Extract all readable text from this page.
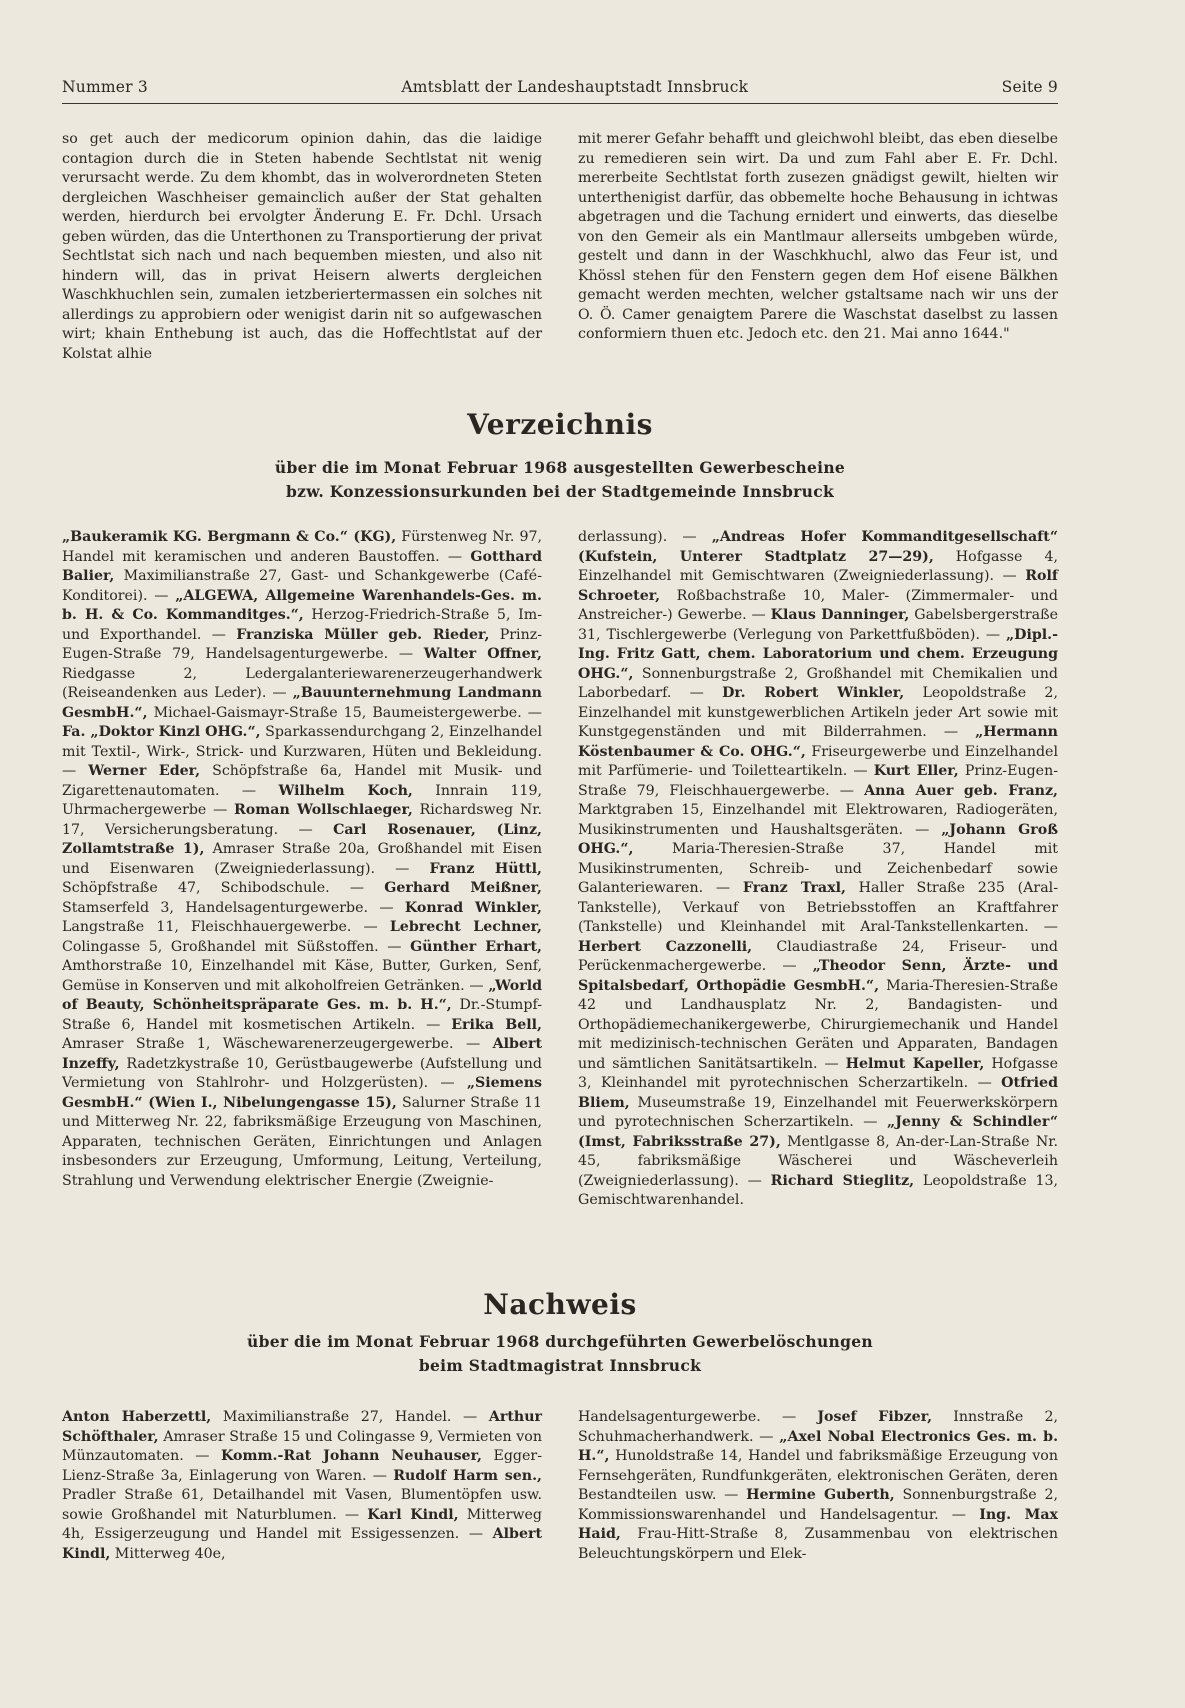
Nummer 3	Amtsblatt der Landeshauptstadt Innsbruck	Seite 9

so get auch der medicorum opinion dahin, das die laidige contagion durch die in Steten habende Sechtlstat nit wenig verursacht werde. Zu dem khombt, das in wolverordneten Steten dergleichen Waschheiser gemainclich außer der Stat gehalten werden, hierdurch bei ervolgter Änderung E. Fr. Dchl. Ursach geben würden, das die Unterthonen zu Transportierung der privat Sechtlstat sich nach und nach bequemben miesten, und also nit hindern will, das in privat Heisern alwerts dergleichen Waschkhuchlen sein, zumalen ietzberiertermassen ein solches nit allerdings zu approbiern oder wenigist darin nit so aufgewaschen wirt; khain Enthebung ist auch, das die Hoffechtlstat auf der Kolstat alhie

mit merer Gefahr behafft und gleichwohl bleibt, das eben dieselbe zu remedieren sein wirt. Da und zum Fahl aber E. Fr. Dchl. mererbeite Sechtlstat forth zusezen gnädigst gewilt, hielten wir unterthenigist darfür, das obbemelte hoche Behausung in ichtwas abgetragen und die Tachung ernidert und einwerts, das dieselbe von den Gemeir als ein Mantlmaur allerseits umbgeben würde, gestelt und dann in der Waschkhuchl, alwo das Feur ist, und Khössl stehen für den Fenstern gegen dem Hof eisene Bälkhen gemacht werden mechten, welcher gstaltsame nach wir uns der O. Ö. Camer genaigtem Parere die Waschstat daselbst zu lassen conformiern thuen etc. Jedoch etc. den 21. Mai anno 1644."

Verzeichnis
über die im Monat Februar 1968 ausgestellten Gewerbescheine
bzw. Konzessionsurkunden bei der Stadtgemeinde Innsbruck

„Baukeramik KG. Bergmann & Co.“ (KG), Fürstenweg Nr. 97, Handel mit keramischen und anderen Baustoffen. — Gotthard Balier, Maximilianstraße 27, Gast- und Schankgewerbe (Café-Konditorei). — „ALGEWA, Allgemeine Warenhandels-Ges. m. b. H. & Co. Kommanditges.“, Herzog-Friedrich-Straße 5, Im- und Exporthandel. — Franziska Müller geb. Rieder, Prinz-Eugen-Straße 79, Handelsagenturgewerbe. — Walter Offner, Riedgasse 2, Ledergalanteriewarenerzeugerhandwerk (Reiseandenken aus Leder). — „Bauunternehmung Landmann GesmbH.“, Michael-Gaismayr-Straße 15, Baumeistergewerbe. — Fa. „Doktor Kinzl OHG.“, Sparkassendurchgang 2, Einzelhandel mit Textil-, Wirk-, Strick- und Kurzwaren, Hüten und Bekleidung. — Werner Eder, Schöpfstraße 6a, Handel mit Musik- und Zigarettenautomaten. — Wilhelm Koch, Innrain 119, Uhrmachergewerbe — Roman Wollschlaeger, Richardsweg Nr. 17, Versicherungsberatung. — Carl Rosenauer, (Linz, Zollamtstraße 1), Amraser Straße 20a, Großhandel mit Eisen und Eisenwaren (Zweigniederlassung). — Franz Hüttl, Schöpfstraße 47, Schibodschule. — Gerhard Meißner, Stamserfeld 3, Handelsagenturgewerbe. — Konrad Winkler, Langstraße 11, Fleischhauergewerbe. — Lebrecht Lechner, Colingasse 5, Großhandel mit Süßstoffen. — Günther Erhart, Amthorstraße 10, Einzelhandel mit Käse, Butter, Gurken, Senf, Gemüse in Konserven und mit alkoholfreien Getränken. — „World of Beauty, Schönheitspräparate Ges. m. b. H.“, Dr.-Stumpf-Straße 6, Handel mit kosmetischen Artikeln. — Erika Bell, Amraser Straße 1, Wäschewarenerzeugergewerbe. — Albert Inzeffy, Radetzkystraße 10, Gerüstbaugewerbe (Aufstellung und Vermietung von Stahlrohr- und Holzgerüsten). — „Siemens GesmbH.“ (Wien I., Nibelungengasse 15), Salurner Straße 11 und Mitterweg Nr. 22, fabriksmäßige Erzeugung von Maschinen, Apparaten, technischen Geräten, Einrichtungen und Anlagen insbesonders zur Erzeugung, Umformung, Leitung, Verteilung, Strahlung und Verwendung elektrischer Energie (Zweignie-

derlassung). — „Andreas Hofer Kommanditgesellschaft“ (Kufstein, Unterer Stadtplatz 27—29), Hofgasse 4, Einzelhandel mit Gemischtwaren (Zweigniederlassung). — Rolf Schroeter, Roßbachstraße 10, Maler- (Zimmermaler- und Anstreicher-) Gewerbe. — Klaus Danninger, Gabelsbergerstraße 31, Tischlergewerbe (Verlegung von Parkettfußböden). — „Dipl.-Ing. Fritz Gatt, chem. Laboratorium und chem. Erzeugung OHG.“, Sonnenburgstraße 2, Großhandel mit Chemikalien und Laborbedarf. — Dr. Robert Winkler, Leopoldstraße 2, Einzelhandel mit kunstgewerblichen Artikeln jeder Art sowie mit Kunstgegenständen und mit Bilderrahmen. — „Hermann Köstenbaumer & Co. OHG.“, Friseurgewerbe und Einzelhandel mit Parfümerie- und Toiletteartikeln. — Kurt Eller, Prinz-Eugen-Straße 79, Fleischhauergewerbe. — Anna Auer geb. Franz, Marktgraben 15, Einzelhandel mit Elektrowaren, Radiogeräten, Musikinstrumenten und Haushaltsgeräten. — „Johann Groß OHG.“, Maria-Theresien-Straße 37, Handel mit Musikinstrumenten, Schreib- und Zeichenbedarf sowie Galanteriewaren. — Franz Traxl, Haller Straße 235 (Aral-Tankstelle), Verkauf von Betriebsstoffen an Kraftfahrer (Tankstelle) und Kleinhandel mit Aral-Tankstellenkarten. — Herbert Cazzonelli, Claudiastraße 24, Friseur- und Perückenmachergewerbe. — „Theodor Senn, Ärzte- und Spitalsbedarf, Orthopädie GesmbH.“, Maria-Theresien-Straße 42 und Landhausplatz Nr. 2, Bandagisten- und Orthopädiemechanikergewerbe, Chirurgiemechanik und Handel mit medizinisch-technischen Geräten und Apparaten, Bandagen und sämtlichen Sanitätsartikeln. — Helmut Kapeller, Hofgasse 3, Kleinhandel mit pyrotechnischen Scherzartikeln. — Otfried Bliem, Museumstraße 19, Einzelhandel mit Feuerwerkskörpern und pyrotechnischen Scherzartikeln. — „Jenny & Schindler“ (Imst, Fabriksstraße 27), Mentlgasse 8, An-der-Lan-Straße Nr. 45, fabriksmäßige Wäscherei und Wäscheverleih (Zweigniederlassung). — Richard Stieglitz, Leopoldstraße 13, Gemischtwarenhandel.

Nachweis
über die im Monat Februar 1968 durchgeführten Gewerbelöschungen
beim Stadtmagistrat Innsbruck

Anton Haberzettl, Maximilianstraße 27, Handel. — Arthur Schöfthaler, Amraser Straße 15 und Colingasse 9, Vermieten von Münzautomaten. — Komm.-Rat Johann Neuhauser, Egger-Lienz-Straße 3a, Einlagerung von Waren. — Rudolf Harm sen., Pradler Straße 61, Detailhandel mit Vasen, Blumentöpfen usw. sowie Großhandel mit Naturblumen. — Karl Kindl, Mitterweg 4h, Essigerzeugung und Handel mit Essigessenzen. — Albert Kindl, Mitterweg 40e,

Handelsagenturgewerbe. — Josef Fibzer, Innstraße 2, Schuhmacherhandwerk. — „Axel Nobal Electronics Ges. m. b. H.“, Hunoldstraße 14, Handel und fabriksmäßige Erzeugung von Fernsehgeräten, Rundfunkgeräten, elektronischen Geräten, deren Bestandteilen usw. — Hermine Guberth, Sonnenburgstraße 2, Kommissionswarenhandel und Handelsagentur. — Ing. Max Haid, Frau-Hitt-Straße 8, Zusammenbau von elektrischen Beleuchtungskörpern und Elek-
